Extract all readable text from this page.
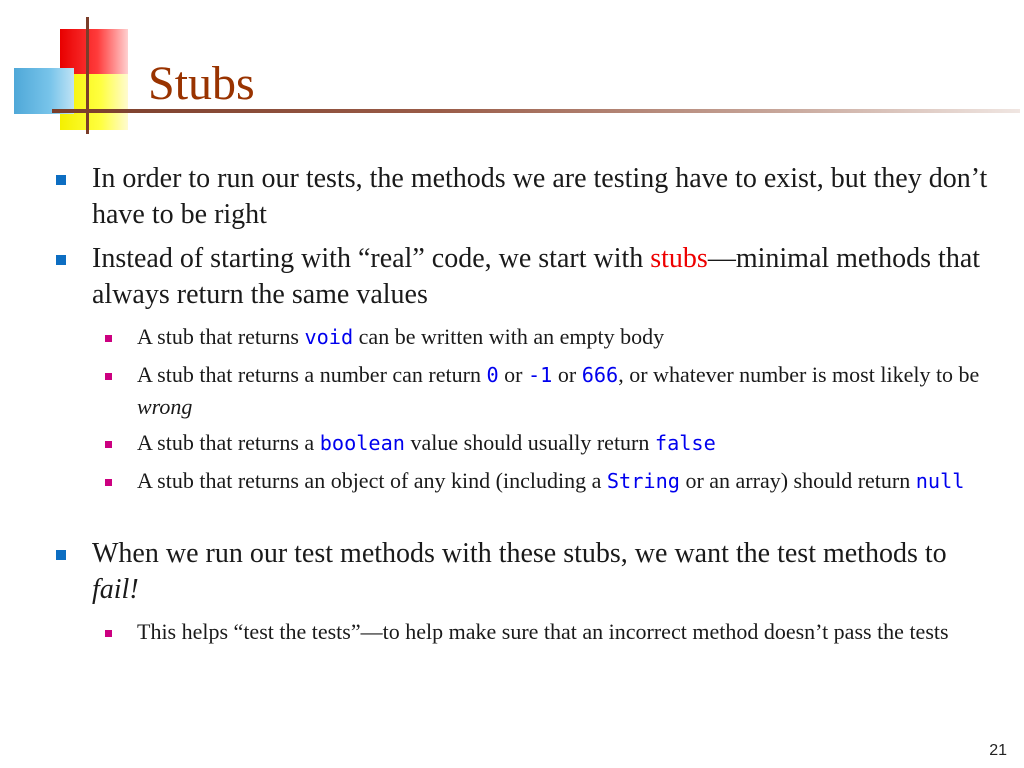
Stubs
In order to run our tests, the methods we are testing have to exist, but they don’t have to be right
Instead of starting with “real” code, we start with stubs—minimal methods that always return the same values
A stub that returns void can be written with an empty body
A stub that returns a number can return 0 or -1 or 666, or whatever number is most likely to be wrong
A stub that returns a boolean value should usually return false
A stub that returns an object of any kind (including a String or an array) should return null
When we run our test methods with these stubs, we want the test methods to fail!
This helps “test the tests”—to help make sure that an incorrect method doesn’t pass the tests
21
